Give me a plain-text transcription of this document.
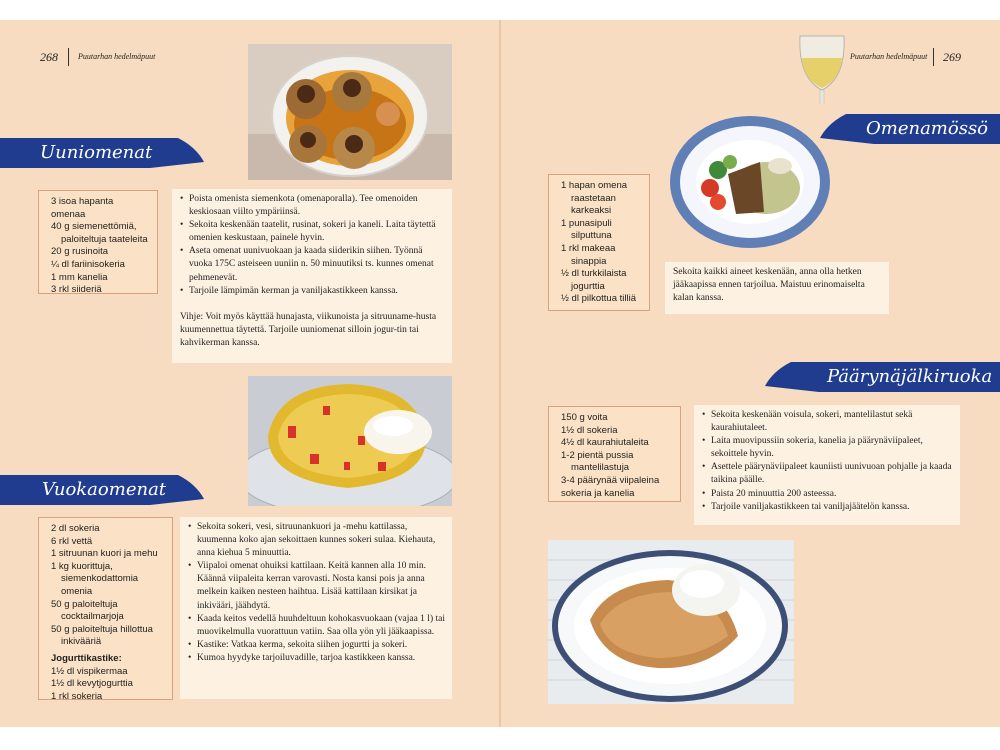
268	Puutarhan hedelmäpuut
Uuniomenat
3 isoa hapanta omenaa
40 g siemenettömiä,
paloiteltuja taateleita
20 g rusinoita
¼ dl fariinisokeria
1 mm kanelia
3 rkl siideriä
• Poista omenista siemenkota (omenaporalla). Tee omenoiden keskiosaan viilto ympäriinsä.
• Sekoita keskenään taatelit, rusinat, sokeri ja kaneli. Laita täytettä omenien keskustaan, painele hyvin.
• Aseta omenat uunivuokaan ja kaada siiderikin siihen. Työnnä vuoka 175C asteiseen uuniin n. 50 minuutiksi ts. kunnes omenat pehmenevät.
• Tarjoile lämpimän kerman ja vaniljakastikkeen kanssa.
Vihje: Voit myös käyttää hunajasta, viikunoista ja sitruuname-husta kuumennettua täytettä. Tarjoile uuniomenat silloin jogur-tin tai kahvikerman kanssa.
Vuokaomenat
2 dl sokeria
6 rkl vettä
1 sitruunan kuori ja mehu
1 kg kuorittuja,
siemenkodattomia omenia
50 g paloiteltuja
cocktailmarjoja
50 g paloiteltuja hillottua
inkivääriä
Jogurttikastike:
1½ dl vispikermaa
1½ dl kevytjogurttia
1 rkl sokeria
• Sekoita sokeri, vesi, sitruunankuori ja -mehu kattilassa, kuumenna koko ajan sekoittaen kunnes sokeri sulaa. Kiehauta, anna kiehua 5 minuuttia.
• Viipaloi omenat ohuiksi kattilaan. Keitä kannen alla 10 min. Käännä viipaleita kerran varovasti. Nosta kansi pois ja anna melkein kaiken nesteen haihtua. Lisää kattilaan kirsikat ja inkivääri, jäähdytä.
• Kaada keitos vedellä huuhdeltuun kohokasvuokaan (vajaa 1 l) tai muovikelmulla vuorattuun vatiin. Saa olla yön yli jääkaapissa.
• Kastike: Vatkaa kerma, sekoita siihen jogurtti ja sokeri.
• Kumoa hyydyke tarjoiluvadille, tarjoa kastikkeen kanssa.
Puutarhan hedelmäpuut 269
Omenamössö
1 hapan omena
raastetaan
karkeaksi
1 punasipuli
silputtuna
1 rkl makeaa
sinappia
½ dl turkkilaista
jogurttia
½ dl pilkottua tilliä
Sekoita kaikki aineet keskenään, anna olla hetken jääkaapissa ennen tarjoilua. Maistuu erinomaiselta kalan kanssa.
Päärynäjälkiruoka
150 g voita
1½ dl sokeria
4½ dl kaurahiutaleita
1-2 pientä pussia
mantelilastuja
3-4 päärynää viipaleina
sokeria ja kanelia
• Sekoita keskenään voisula, sokeri, mantelilastut sekä kaurahiutaleet.
• Laita muovipussiin sokeria, kanelia ja päärynäviipaleet, sekoittele hyvin.
• Asettele päärynäviipaleet kauniisti uunivuoan pohjalle ja kaada taikina päälle.
• Paista 20 minuuttia 200 asteessa.
• Tarjoile vaniljakastikkeen tai vaniljajäätelön kanssa.
